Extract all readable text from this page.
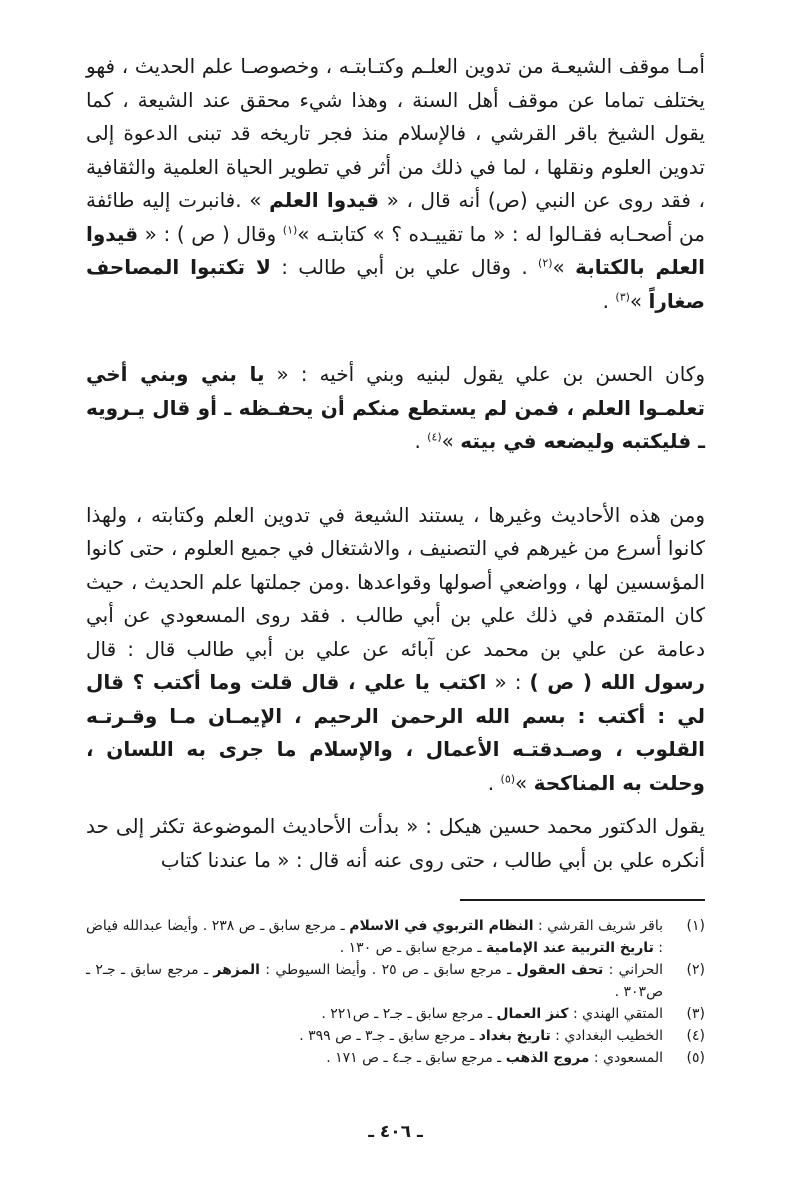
أمـا موقف الشيعـة من تدوين العلـم وكتـابتـه ، وخصوصـا علم الحديث ، فهو يختلف تماما عن موقف أهل السنة ، وهذا شيء محقق عند الشيعة ، كما يقول الشيخ باقر القرشي ، فالإسلام منذ فجر تاريخه قد تبنى الدعوة إلى تدوين العلوم ونقلها ، لما في ذلك من أثر في تطوير الحياة العلمية والثقافية ، فقد روى عن النبي (ص) أنه قال ، « قيدوا العلم » .فانبرت إليه طائفة من أصحـابه فقـالوا له : « ما تقييـده ؟ » كتابتـه »$^{(١)}$ وقال ( ص ) : « قيدوا العلم بالكتابة »$^{(٢)}$ . وقال علي بن أبي طالب : لا تكتبوا المصاحف صغاراً »$^{(٣)}$ .

وكان الحسن بن علي يقول لبنيه وبني أخيه : « يا بني وبني أخي تعلمـوا العلم ، فمن لم يستطع منكم أن يحفـظه ـ أو قال يـرويه ـ فليكتبه وليضعه في بيته »$^{(٤)}$ .

ومن هذه الأحاديث وغيرها ، يستند الشيعة في تدوين العلم وكتابته ، ولهذا كانوا أسرع من غيرهم في التصنيف ، والاشتغال في جميع العلوم ، حتى كانوا المؤسسين لها ، وواضعي أصولها وقواعدها .ومن جملتها علم الحديث ، حيث كان المتقدم في ذلك علي بن أبي طالب . فقد روى المسعودي عن أبي دعامة عن علي بن محمد عن آبائه عن علي بن أبي طالب قال : قال رسول الله ( ص ) : « اكتب يا علي ، قال قلت وما أكتب ؟ قال لي : أكتب : بسم الله الرحمن الرحيم ، الإيمـان مـا وقـرتـه القلوب ، وصـدقتـه الأعمال ، والإسلام ما جرى به اللسان ، وحلت به المناكحة »$^{(٥)}$ .

يقول الدكتور محمد حسين هيكل : « بدأت الأحاديث الموضوعة تكثر إلى حد أنكره علي بن أبي طالب ، حتى روى عنه أنه قال : « ما عندنا كتاب

(١)
باقر شريف القرشي : النظام التربوي في الاسلام ـ مرجع سابق ـ ص ٢٣٨ . وأيضا عبدالله فياض : تاريخ التربية عند الإمامية ـ مرجع سابق ـ ص ١٣٠ .
(٢)
الحراني : تحف العقول ـ مرجع سابق ـ ص ٢٥ . وأيضا السيوطي : المزهر ـ مرجع سابق ـ جـ٢ ـ ص٣٠٣ .
(٣)
المتقي الهندي : كنز العمال ـ مرجع سابق ـ جـ٢ ـ ص٢٢١ .
(٤)
الخطيب البغدادي : تاريخ بغداد ـ مرجع سابق ـ جـ٣ ـ ص ٣٩٩ .
(٥)
المسعودي : مروج الذهب ـ مرجع سابق ـ جـ٤ ـ ص ١٧١ .
ـ ٤٠٦ ـ
